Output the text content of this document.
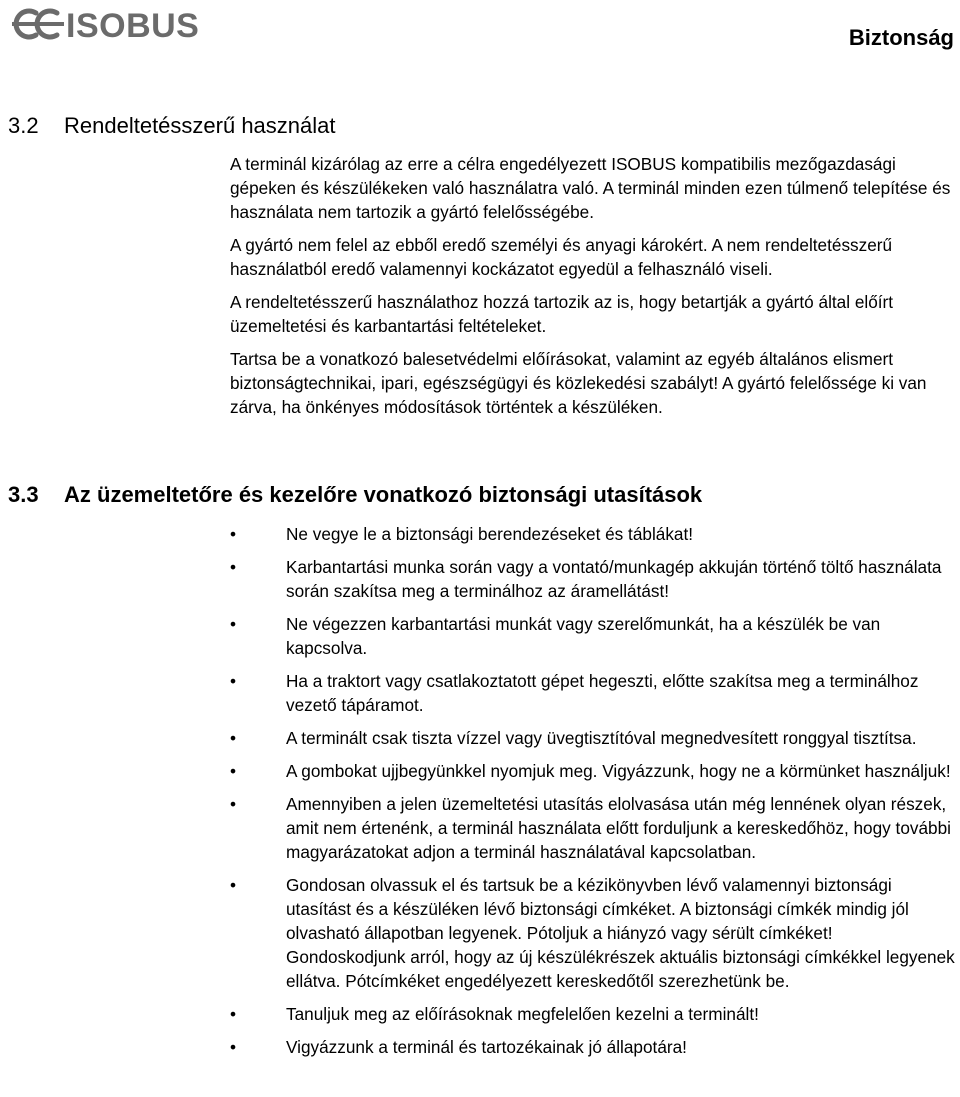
ISOBUS	Biztonság
3.2 Rendeltetésszerű használat

A terminál kizárólag az erre a célra engedélyezett ISOBUS kompatibilis mezőgazdasági gépeken és készülékeken való használatra való. A terminál minden ezen túlmenő telepítése és használata nem tartozik a gyártó felelősségébe.

A gyártó nem felel az ebből eredő személyi és anyagi károkért. A nem rendeltetésszerű használatból eredő valamennyi kockázatot egyedül a felhasználó viseli.

A rendeltetésszerű használathoz hozzá tartozik az is, hogy betartják a gyártó által előírt üzemeltetési és karbantartási feltételeket.

Tartsa be a vonatkozó balesetvédelmi előírásokat, valamint az egyéb általános elismert biztonságtechnikai, ipari, egészségügyi és közlekedési szabályt! A gyártó felelőssége ki van zárva, ha önkényes módosítások történtek a készüléken.

3.3 Az üzemeltetőre és kezelőre vonatkozó biztonsági utasítások
•	Ne vegye le a biztonsági berendezéseket és táblákat!
•	Karbantartási munka során vagy a vontató/munkagép akkuján történő töltő használata során szakítsa meg a terminálhoz az áramellátást!
•	Ne végezzen karbantartási munkát vagy szerelőmunkát, ha a készülék be van kapcsolva.
•	Ha a traktort vagy csatlakoztatott gépet hegeszti, előtte szakítsa meg a terminálhoz vezető tápáramot.
•	A terminált csak tiszta vízzel vagy üvegtisztítóval megnedvesített ronggyal tisztítsa.
•	A gombokat ujjbegyünkkel nyomjuk meg. Vigyázzunk, hogy ne a körmünket használjuk!
•	Amennyiben a jelen üzemeltetési utasítás elolvasása után még lennének olyan részek, amit nem értenénk, a terminál használata előtt forduljunk a kereskedőhöz, hogy további magyarázatokat adjon a terminál használatával kapcsolatban.
•	Gondosan olvassuk el és tartsuk be a kézikönyvben lévő valamennyi biztonsági utasítást és a készüléken lévő biztonsági címkéket. A biztonsági címkék mindig jól olvasható állapotban legyenek. Pótoljuk a hiányzó vagy sérült címkéket! Gondoskodjunk arról, hogy az új készülékrészek aktuális biztonsági címkékkel legyenek ellátva. Pótcímkéket engedélyezett kereskedőtől szerezhetünk be.
•	Tanuljuk meg az előírásoknak megfelelően kezelni a terminált!
•	Vigyázzunk a terminál és tartozékainak jó állapotára!
